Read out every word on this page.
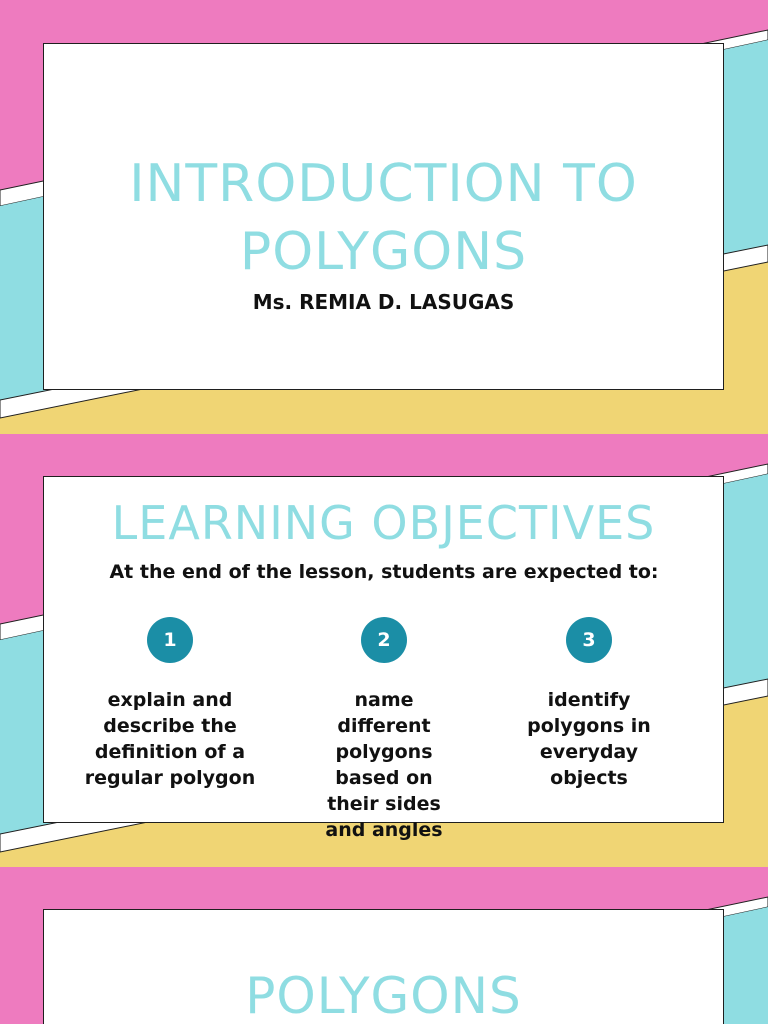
INTRODUCTION TO
POLYGONS

Ms. REMIA D. LASUGAS

LEARNING OBJECTIVES

At the end of the lesson, students are expected to:

1
explain and describe the definition of a regular polygon
2
name different polygons based on their sides and angles
3
identify polygons in everyday objects
POLYGONS
